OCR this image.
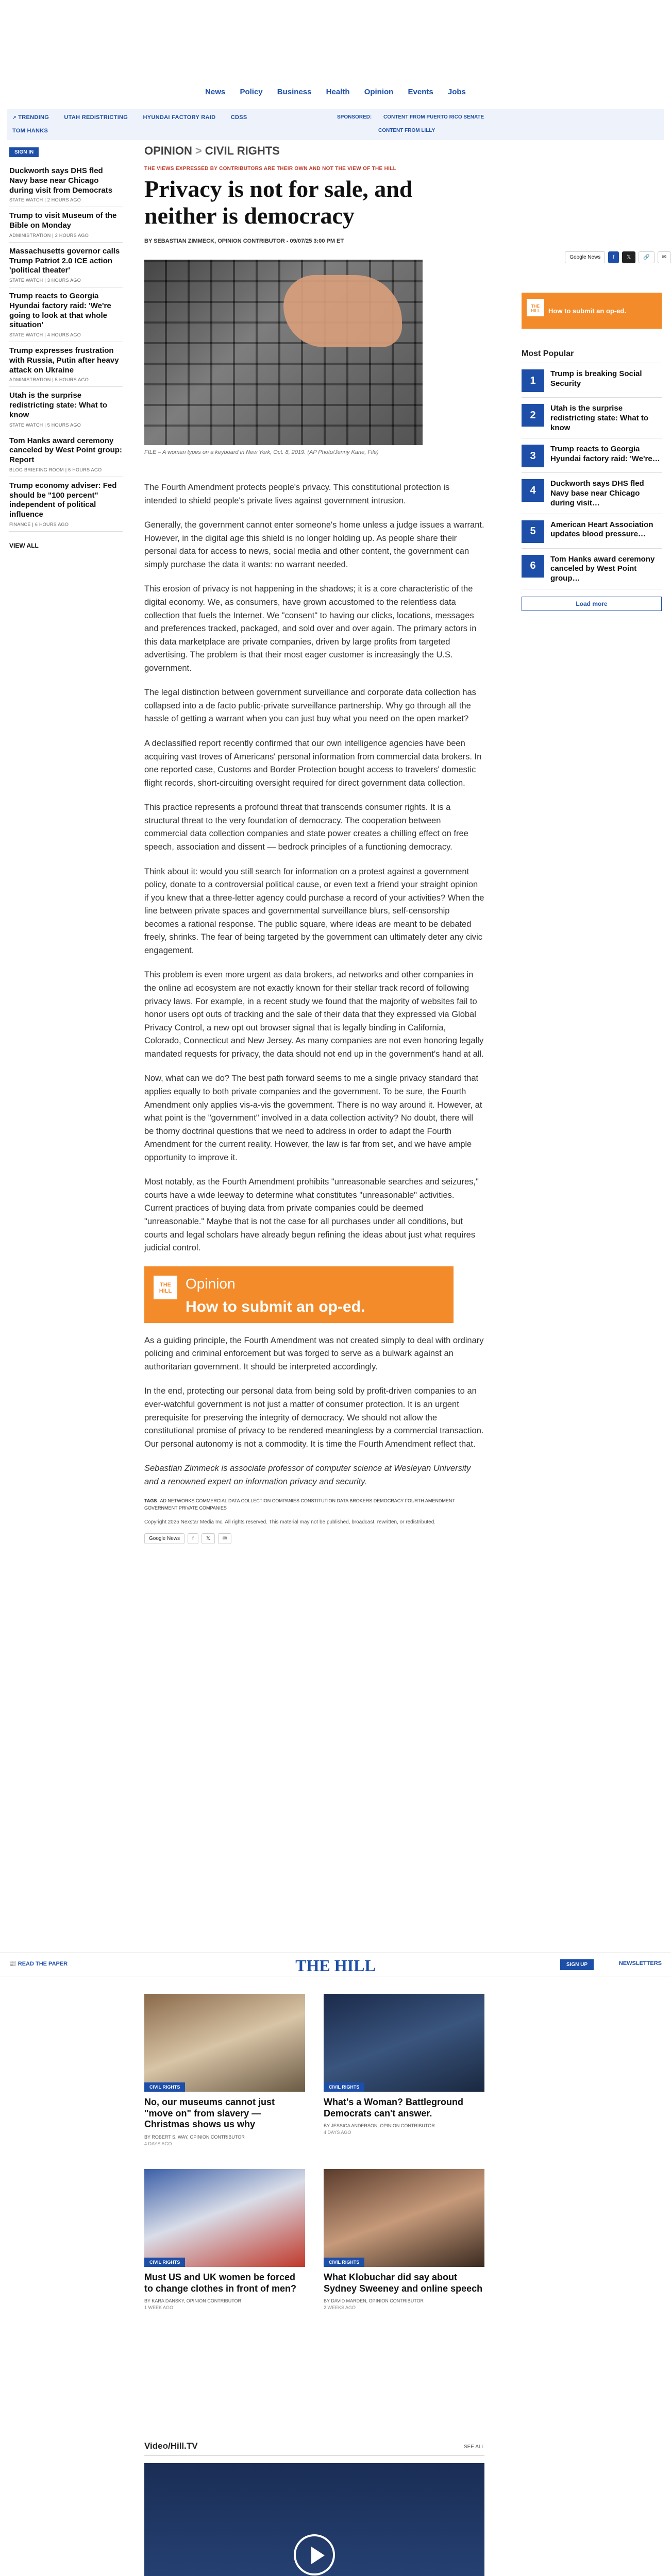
News Policy Business Health Opinion Events Jobs
↗ TRENDING	UTAH REDISTRICTING	HYUNDAI FACTORY RAID	CDSS
TOM HANKS
SPONSORED: CONTENT FROM PUERTO RICO SENATE
CONTENT FROM LILLY
SIGN IN
Duckworth says DHS fled Navy base near Chicago during visit from Democrats
STATE WATCH | 2 HOURS AGO
Trump to visit Museum of the Bible on Monday
ADMINISTRATION | 2 HOURS AGO
Massachusetts governor calls Trump Patriot 2.0 ICE action 'political theater'
STATE WATCH | 3 HOURS AGO
Trump reacts to Georgia Hyundai factory raid: 'We're going to look at that whole situation'
STATE WATCH | 4 HOURS AGO
Trump expresses frustration with Russia, Putin after heavy attack on Ukraine
ADMINISTRATION | 5 HOURS AGO
Utah is the surprise redistricting state: What to know
STATE WATCH | 5 HOURS AGO
Tom Hanks award ceremony canceled by West Point group: Report
BLOG BRIEFING ROOM | 6 HOURS AGO
Trump economy adviser: Fed should be "100 percent" independent of political influence
FINANCE | 6 HOURS AGO
VIEW ALL
OPINION > CIVIL RIGHTS
THE VIEWS EXPRESSED BY CONTRIBUTORS ARE THEIR OWN AND NOT THE VIEW OF THE HILL
Privacy is not for sale, and neither is democracy
BY SEBASTIAN ZIMMECK, OPINION CONTRIBUTOR - 09/07/25 3:00 PM ET
FILE – A woman types on a keyboard in New York, Oct. 8, 2019. (AP Photo/Jenny Kane, File)

The Fourth Amendment protects people's privacy. This constitutional protection is intended to shield people's private lives against government intrusion.

Generally, the government cannot enter someone's home unless a judge issues a warrant. However, in the digital age this shield is no longer holding up. As people share their personal data for access to news, social media and other content, the government can simply purchase the data it wants: no warrant needed.

This erosion of privacy is not happening in the shadows; it is a core characteristic of the digital economy. We, as consumers, have grown accustomed to the relentless data collection that fuels the Internet. We "consent" to having our clicks, locations, messages and preferences tracked, packaged, and sold over and over again. The primary actors in this data marketplace are private companies, driven by large profits from targeted advertising. The problem is that their most eager customer is increasingly the U.S. government.

The legal distinction between government surveillance and corporate data collection has collapsed into a de facto public-private surveillance partnership. Why go through all the hassle of getting a warrant when you can just buy what you need on the open market?

A declassified report recently confirmed that our own intelligence agencies have been acquiring vast troves of Americans' personal information from commercial data brokers. In one reported case, Customs and Border Protection bought access to travelers' domestic flight records, short-circuiting oversight required for direct government data collection.

This practice represents a profound threat that transcends consumer rights. It is a structural threat to the very foundation of democracy. The cooperation between commercial data collection companies and state power creates a chilling effect on free speech, association and dissent — bedrock principles of a functioning democracy.

Think about it: would you still search for information on a protest against a government policy, donate to a controversial political cause, or even text a friend your straight opinion if you knew that a three-letter agency could purchase a record of your activities? When the line between private spaces and governmental surveillance blurs, self-censorship becomes a rational response. The public square, where ideas are meant to be debated freely, shrinks. The fear of being targeted by the government can ultimately deter any civic engagement.

This problem is even more urgent as data brokers, ad networks and other companies in the online ad ecosystem are not exactly known for their stellar track record of following privacy laws. For example, in a recent study we found that the majority of websites fail to honor users opt outs of tracking and the sale of their data that they expressed via Global Privacy Control, a new opt out browser signal that is legally binding in California, Colorado, Connecticut and New Jersey. As many companies are not even honoring legally mandated requests for privacy, the data should not end up in the government's hand at all.

Now, what can we do? The best path forward seems to me a single privacy standard that applies equally to both private companies and the government. To be sure, the Fourth Amendment only applies vis-a-vis the government. There is no way around it. However, at what point is the "government" involved in a data collection activity? No doubt, there will be thorny doctrinal questions that we need to address in order to adapt the Fourth Amendment for the current reality. However, the law is far from set, and we have ample opportunity to improve it.

Most notably, as the Fourth Amendment prohibits "unreasonable searches and seizures," courts have a wide leeway to determine what constitutes "unreasonable" activities. Current practices of buying data from private companies could be deemed "unreasonable." Maybe that is not the case for all purchases under all conditions, but courts and legal scholars have already begun refining the ideas about just what requires judicial control.

THE HILL Opinion
How to submit an op-ed.

As a guiding principle, the Fourth Amendment was not created simply to deal with ordinary policing and criminal enforcement but was forged to serve as a bulwark against an authoritarian government. It should be interpreted accordingly.

In the end, protecting our personal data from being sold by profit-driven companies to an ever-watchful government is not just a matter of consumer protection. It is an urgent prerequisite for preserving the integrity of democracy. We should not allow the constitutional promise of privacy to be rendered meaningless by a commercial transaction. Our personal autonomy is not a commodity. It is time the Fourth Amendment reflect that.

Sebastian Zimmeck is associate professor of computer science at Wesleyan University and a renowned expert on information privacy and security.

TAGS AD NETWORKS COMMERCIAL DATA COLLECTION COMPANIES CONSTITUTION DATA BROKERS DEMOCRACY FOURTH AMENDMENT GOVERNMENT PRIVATE COMPANIES
Copyright 2025 Nexstar Media Inc. All rights reserved. This material may not be published, broadcast, rewritten, or redistributed.
Google News	f	𝕏	✉
Google News	f	𝕏	🔗	✉
THE HILL	How to submit an op-ed.
Most Popular
1
Trump is breaking Social Security
2
Utah is the surprise redistricting state: What to know
3
Trump reacts to Georgia Hyundai factory raid: 'We're…
4
Duckworth says DHS fled Navy base near Chicago during visit…
5
American Heart Association updates blood pressure…
6
Tom Hanks award ceremony canceled by West Point group…
Load more
📰 READ THE PAPER	THE HILL	SIGN UP	NEWSLETTERS
CIVIL RIGHTS
No, our museums cannot just "move on" from slavery — Christmas shows us why
BY ROBERT S. WAY, OPINION CONTRIBUTOR
4 DAYS AGO
CIVIL RIGHTS
What's a Woman? Battleground Democrats can't answer.
BY JESSICA ANDERSON, OPINION CONTRIBUTOR
4 DAYS AGO
CIVIL RIGHTS
Must US and UK women be forced to change clothes in front of men?
BY KARA DANSKY, OPINION CONTRIBUTOR
1 WEEK AGO
CIVIL RIGHTS
What Klobuchar did say about Sydney Sweeney and online speech
BY DAVID MARDEN, OPINION CONTRIBUTOR
2 WEEKS AGO
Video/Hill.TV	SEE ALL
